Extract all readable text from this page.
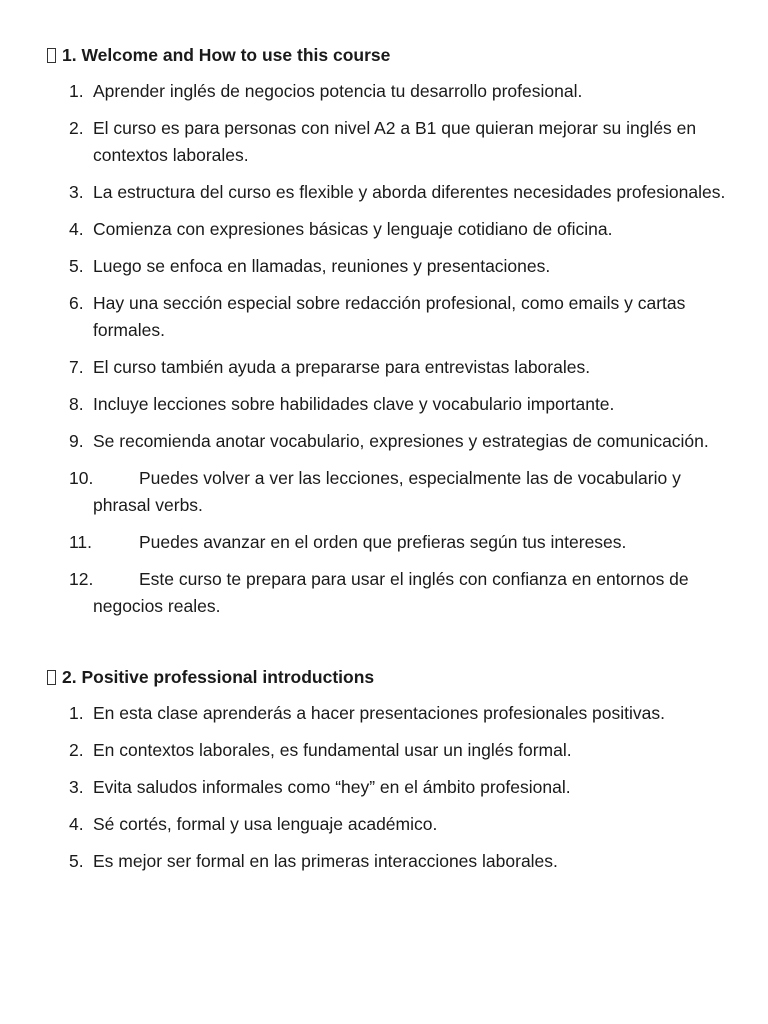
1. Welcome and How to use this course
1. Aprender inglés de negocios potencia tu desarrollo profesional.
2. El curso es para personas con nivel A2 a B1 que quieran mejorar su inglés en contextos laborales.
3. La estructura del curso es flexible y aborda diferentes necesidades profesionales.
4. Comienza con expresiones básicas y lenguaje cotidiano de oficina.
5. Luego se enfoca en llamadas, reuniones y presentaciones.
6. Hay una sección especial sobre redacción profesional, como emails y cartas formales.
7. El curso también ayuda a prepararse para entrevistas laborales.
8. Incluye lecciones sobre habilidades clave y vocabulario importante.
9. Se recomienda anotar vocabulario, expresiones y estrategias de comunicación.
10.	Puedes volver a ver las lecciones, especialmente las de vocabulario y phrasal verbs.
11.	Puedes avanzar en el orden que prefieras según tus intereses.
12.	Este curso te prepara para usar el inglés con confianza en entornos de negocios reales.
2. Positive professional introductions
1. En esta clase aprenderás a hacer presentaciones profesionales positivas.
2. En contextos laborales, es fundamental usar un inglés formal.
3. Evita saludos informales como “hey” en el ámbito profesional.
4. Sé cortés, formal y usa lenguaje académico.
5. Es mejor ser formal en las primeras interacciones laborales.
